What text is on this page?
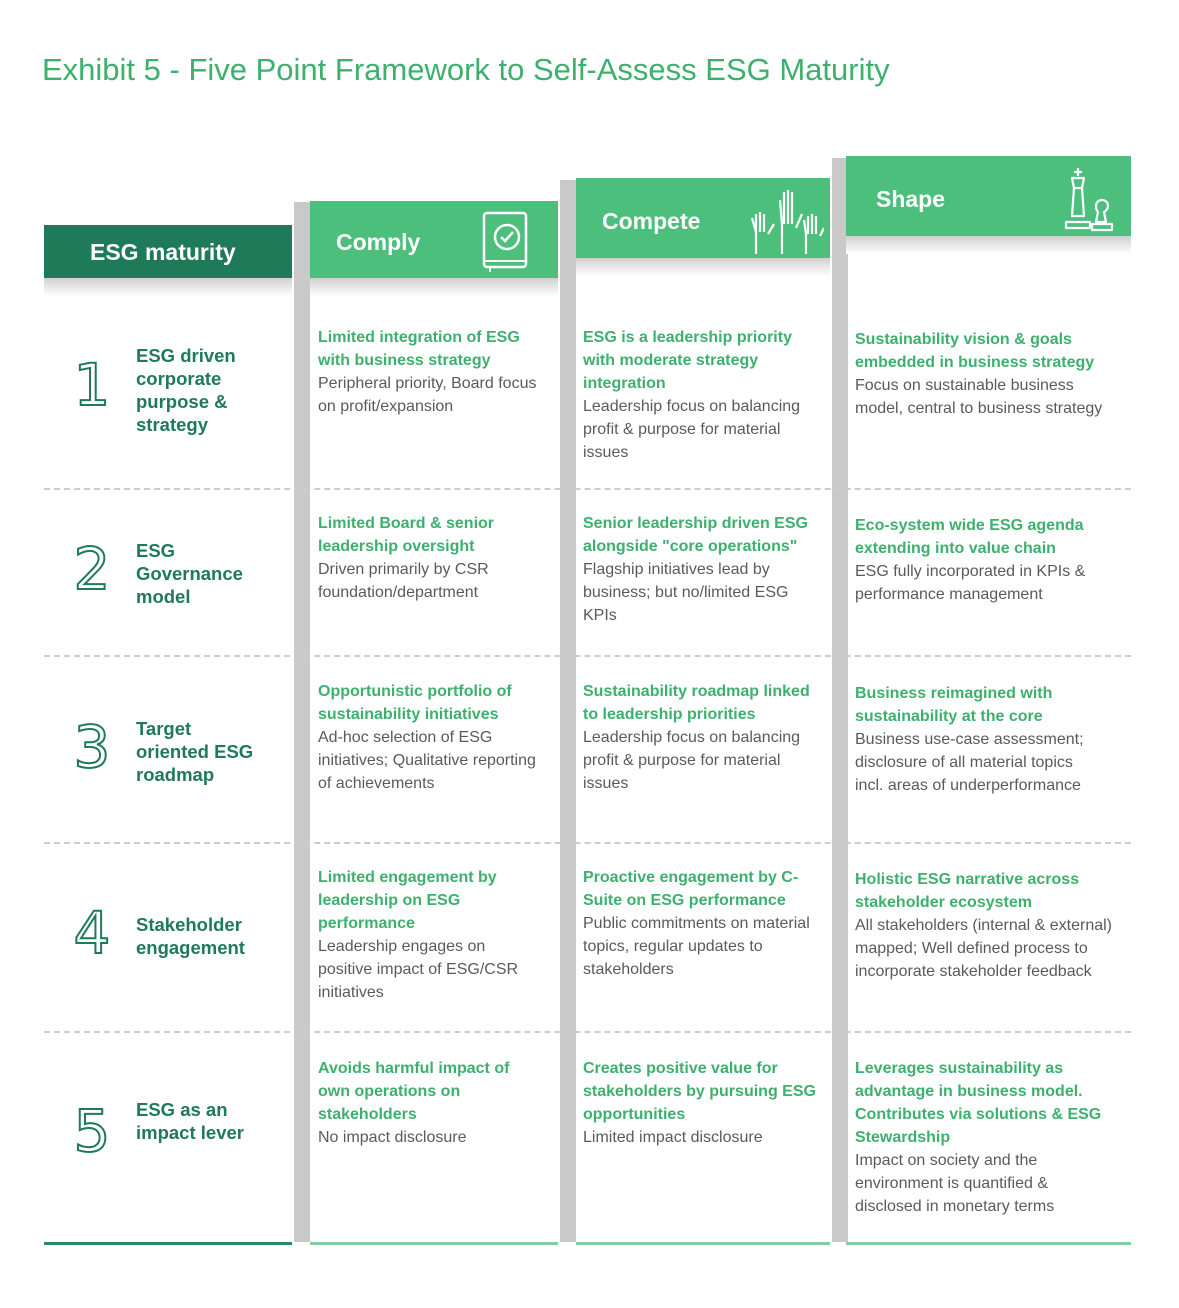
Exhibit 5 - Five Point Framework to Self-Assess ESG Maturity
ESG maturity	Comply
Compete
Shape
1 ESG driven corporate purpose & strategy
Limited integration of ESG with business strategy
Peripheral priority, Board focus on profit/expansion
ESG is a leadership priority with moderate strategy integration
Leadership focus on balancing profit & purpose for material issues
Sustainability vision & goals embedded in business strategy
Focus on sustainable business model, central to business strategy
2 ESG Governance model
Limited Board & senior leadership oversight
Driven primarily by CSR foundation/department
Senior leadership driven ESG alongside "core operations"
Flagship initiatives lead by business; but no/limited ESG KPIs
Eco-system wide ESG agenda extending into value chain
ESG fully incorporated in KPIs & performance management
3 Target oriented ESG roadmap
Opportunistic portfolio of sustainability initiatives
Ad-hoc selection of ESG initiatives; Qualitative reporting of achievements
Sustainability roadmap linked to leadership priorities
Leadership focus on balancing profit & purpose for material issues
Business reimagined with sustainability at the core
Business use-case assessment; disclosure of all material topics incl. areas of underperformance
4 Stakeholder engagement
Limited engagement by leadership on ESG performance
Leadership engages on positive impact of ESG/CSR initiatives
Proactive engagement by C-Suite on ESG performance
Public commitments on material topics, regular updates to stakeholders
Holistic ESG narrative across stakeholder ecosystem
All stakeholders (internal & external) mapped; Well defined process to incorporate stakeholder feedback
5 ESG as an impact lever
Avoids harmful impact of own operations on stakeholders
No impact disclosure
Creates positive value for stakeholders by pursuing ESG opportunities
Limited impact disclosure
Leverages sustainability as advantage in business model. Contributes via solutions & ESG Stewardship
Impact on society and the environment is quantified & disclosed in monetary terms
